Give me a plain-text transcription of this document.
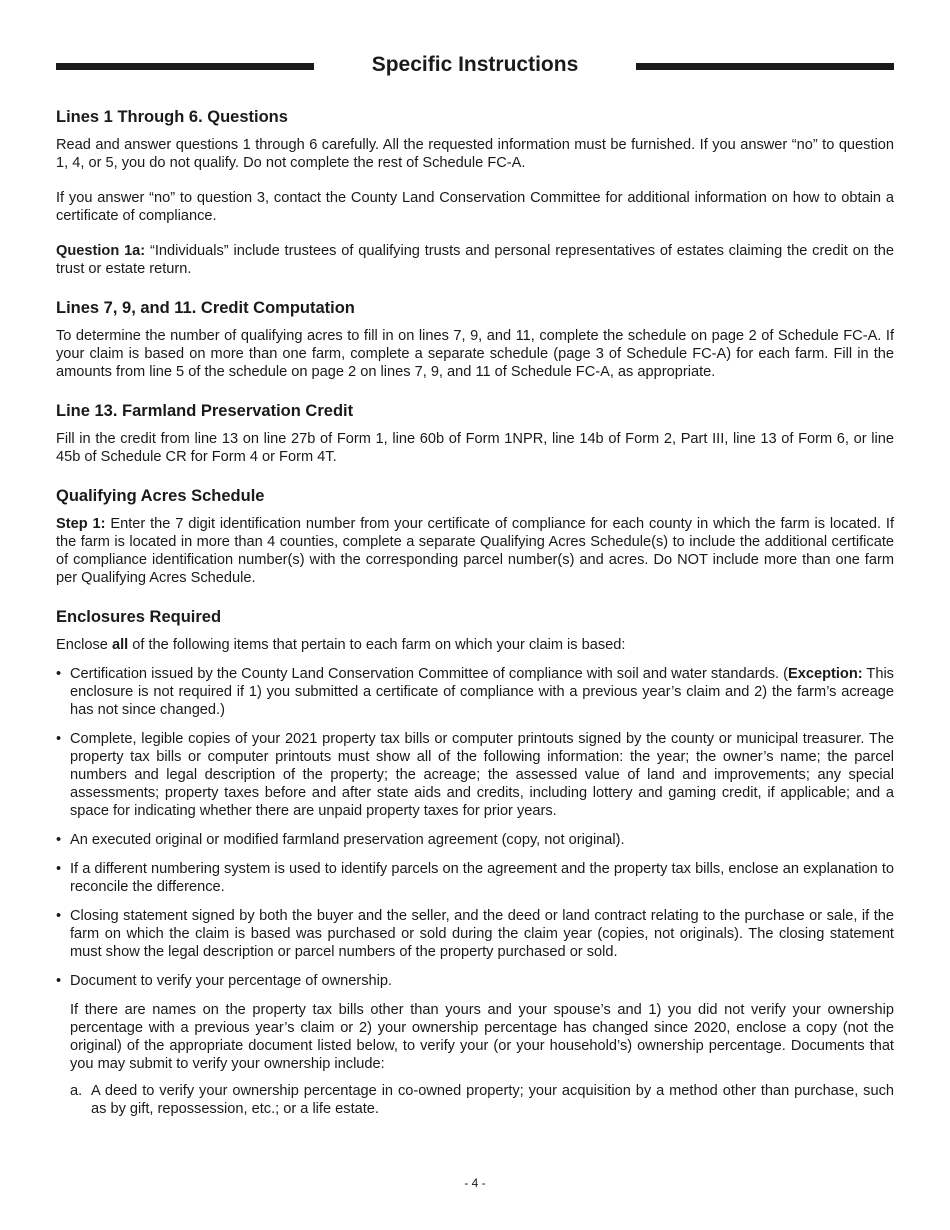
Specific Instructions
Lines 1 Through 6. Questions

Read and answer questions 1 through 6 carefully. All the requested information must be furnished. If you answer “no” to question 1, 4, or 5, you do not qualify. Do not complete the rest of Schedule FC-A.

If you answer “no” to question 3, contact the County Land Conservation Committee for additional information on how to obtain a certificate of compliance.

Question 1a: “Individuals” include trustees of qualifying trusts and personal representatives of estates claiming the credit on the trust or estate return.

Lines 7, 9, and 11. Credit Computation

To determine the number of qualifying acres to fill in on lines 7, 9, and 11, complete the schedule on page 2 of Schedule FC-A. If your claim is based on more than one farm, complete a separate schedule (page 3 of Schedule FC-A) for each farm. Fill in the amounts from line 5 of the schedule on page 2 on lines 7, 9, and 11 of Schedule FC-A, as appropriate.

Line 13. Farmland Preservation Credit

Fill in the credit from line 13 on line 27b of Form 1, line 60b of Form 1NPR, line 14b of Form 2, Part III, line 13 of Form 6, or line 45b of Schedule CR for Form 4 or Form 4T.

Qualifying Acres Schedule

Step 1: Enter the 7 digit identification number from your certificate of compliance for each county in which the farm is located. If the farm is located in more than 4 counties, complete a separate Qualifying Acres Schedule(s) to include the additional certificate of compliance identification number(s) with the corresponding parcel number(s) and acres. Do NOT include more than one farm per Qualifying Acres Schedule.

Enclosures Required

Enclose all of the following items that pertain to each farm on which your claim is based:

• Certification issued by the County Land Conservation Committee of compliance with soil and water standards. (Exception: This enclosure is not required if 1) you submitted a certificate of compliance with a previous year’s claim and 2) the farm’s acreage has not since changed.)
• Complete, legible copies of your 2021 property tax bills or computer printouts signed by the county or municipal treasurer. The property tax bills or computer printouts must show all of the following information: the year; the owner’s name; the parcel numbers and legal description of the property; the acreage; the assessed value of land and improvements; any special assessments; property taxes before and after state aids and credits, including lottery and gaming credit, if applicable; and a space for indicating whether there are unpaid property taxes for prior years.
• An executed original or modified farmland preservation agreement (copy, not original).
• If a different numbering system is used to identify parcels on the agreement and the property tax bills, enclose an explanation to reconcile the difference.
• Closing statement signed by both the buyer and the seller, and the deed or land contract relating to the purchase or sale, if the farm on which the claim is based was purchased or sold during the claim year (copies, not originals). The closing statement must show the legal description or parcel numbers of the property purchased or sold.
• Document to verify your percentage of ownership.

If there are names on the property tax bills other than yours and your spouse’s and 1) you did not verify your ownership percentage with a previous year’s claim or 2) your ownership percentage has changed since 2020, enclose a copy (not the original) of the appropriate document listed below, to verify your (or your household’s) ownership percentage. Documents that you may submit to verify your ownership include:

a. A deed to verify your ownership percentage in co-owned property; your acquisition by a method other than purchase, such as by gift, repossession, etc.; or a life estate.
- 4 -
